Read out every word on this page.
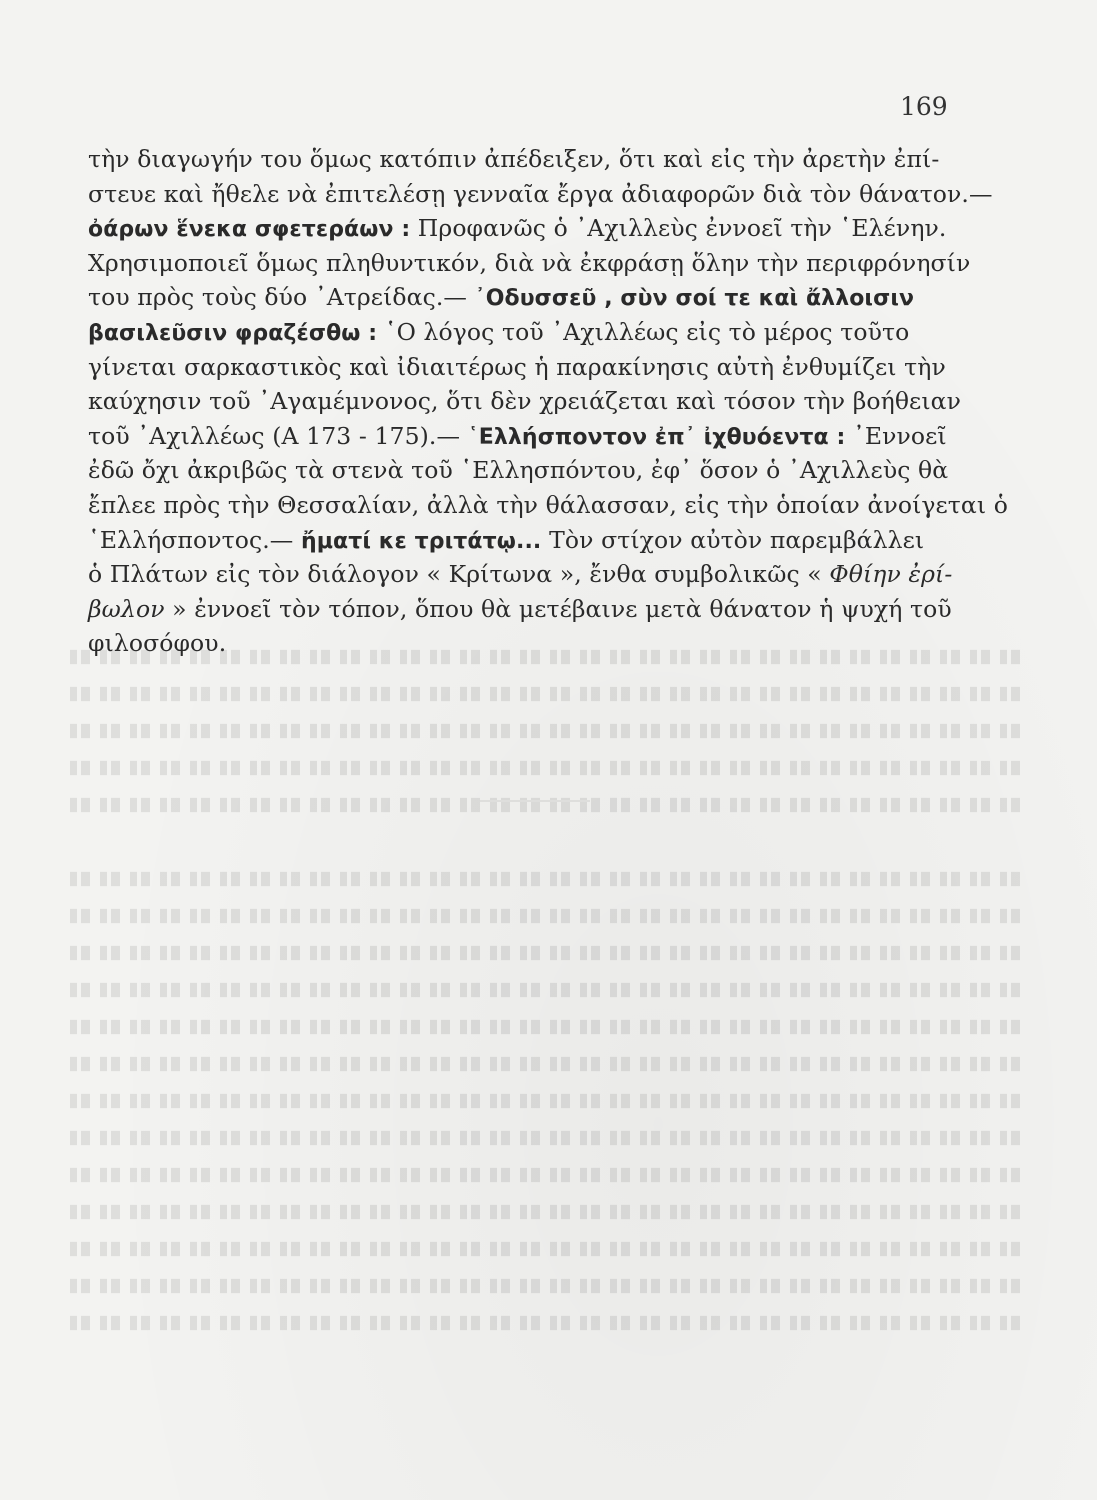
169
τὴν διαγωγήν του ὅμως κατόπιν ἀπέδειξεν, ὅτι καὶ εἰς τὴν ἀρετὴν ἐπί-
στευε καὶ ἤθελε νὰ ἐπιτελέσῃ γενναῖα ἔργα ἀδιαφορῶν διὰ τὸν θάνατον.—
ὀάρων ἕνεκα σφετεράων : Προφανῶς ὁ ᾿Αχιλλεὺς ἐννοεῖ τὴν ῾Ελένην.
Χρησιμοποιεῖ ὅμως πληθυντικόν, διὰ νὰ ἐκφράσῃ ὅλην τὴν περιφρόνησίν
του πρὸς τοὺς δύο ᾿Ατρείδας.— ᾿Οδυσσεῦ , σὺν σοί τε καὶ ἄλλοισιν
βασιλεῦσιν φραζέσθω : ῾Ο λόγος τοῦ ᾿Αχιλλέως εἰς τὸ μέρος τοῦτο
γίνεται σαρκαστικὸς καὶ ἰδιαιτέρως ἡ παρακίνησις αὐτὴ ἐνθυμίζει τὴν
καύχησιν τοῦ ᾿Αγαμέμνονος, ὅτι δὲν χρειάζεται καὶ τόσον τὴν βοήθειαν
τοῦ ᾿Αχιλλέως (Α 173 - 175).— ῾Ελλήσποντον ἐπ᾿ ἰχθυόεντα : ᾿Εννοεῖ
ἐδῶ ὄχι ἀκριβῶς τὰ στενὰ τοῦ ῾Ελλησπόντου, ἐφ᾿ ὅσον ὁ ᾿Αχιλλεὺς θὰ
ἔπλεε πρὸς τὴν Θεσσαλίαν, ἀλλὰ τὴν θάλασσαν, εἰς τὴν ὁποίαν ἀνοίγεται ὁ
῾Ελλήσποντος.— ἤματί κε τριτάτῳ... Τὸν στίχον αὐτὸν παρεμβάλλει
ὁ Πλάτων εἰς τὸν διάλογον « Κρίτωνα », ἔνθα συμβολικῶς « Φθίην ἐρί-
βωλον » ἐννοεῖ τὸν τόπον, ὅπου θὰ μετέβαινε μετὰ θάνατον ἡ ψυχή τοῦ
φιλοσόφου.
